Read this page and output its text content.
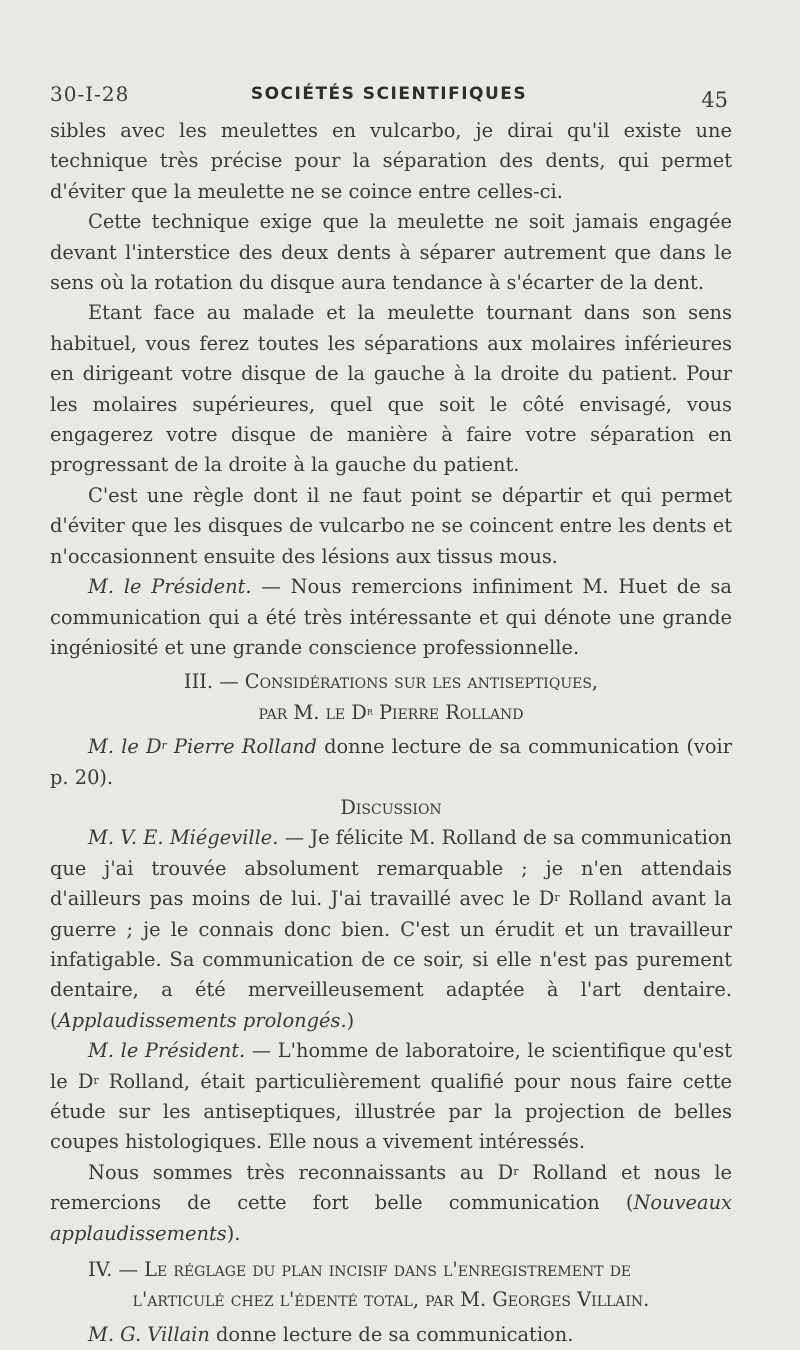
30-I-28	SOCIÉTÉS SCIENTIFIQUES	45

sibles avec les meulettes en vulcarbo, je dirai qu'il existe une technique très précise pour la séparation des dents, qui permet d'éviter que la meulette ne se coince entre celles-ci.

Cette technique exige que la meulette ne soit jamais engagée devant l'interstice des deux dents à séparer autrement que dans le sens où la rotation du disque aura tendance à s'écarter de la dent.

Etant face au malade et la meulette tournant dans son sens habituel, vous ferez toutes les séparations aux molaires inférieures en dirigeant votre disque de la gauche à la droite du patient. Pour les molaires supérieures, quel que soit le côté envisagé, vous engagerez votre disque de manière à faire votre séparation en progressant de la droite à la gauche du patient.

C'est une règle dont il ne faut point se départir et qui permet d'éviter que les disques de vulcarbo ne se coincent entre les dents et n'occasionnent ensuite des lésions aux tissus mous.

M. le Président. — Nous remercions infiniment M. Huet de sa communication qui a été très intéressante et qui dénote une grande ingéniosité et une grande conscience professionnelle.

III. — Considérations sur les antiseptiques,
par M. le $D^r$ Pierre Rolland

M. le $D^r$ Pierre Rolland donne lecture de sa communication (voir p. 20).

Discussion

M. V. E. Miégeville. — Je félicite M. Rolland de sa communication que j'ai trouvée absolument remarquable ; je n'en attendais d'ailleurs pas moins de lui. J'ai travaillé avec le $D^r$ Rolland avant la guerre ; je le connais donc bien. C'est un érudit et un travailleur infatigable. Sa communication de ce soir, si elle n'est pas purement dentaire, a été merveilleusement adaptée à l'art dentaire. (Applaudissements prolongés.)

M. le Président. — L'homme de laboratoire, le scientifique qu'est le $D^r$ Rolland, était particulièrement qualifié pour nous faire cette étude sur les antiseptiques, illustrée par la projection de belles coupes histologiques. Elle nous a vivement intéressés.

Nous sommes très reconnaissants au $D^r$ Rolland et nous le remercions de cette fort belle communication (Nouveaux applaudissements).

IV. — Le réglage du plan incisif dans l'enregistrement de

l'articulé chez l'édenté total, par M. Georges Villain.

M. G. Villain donne lecture de sa communication.
